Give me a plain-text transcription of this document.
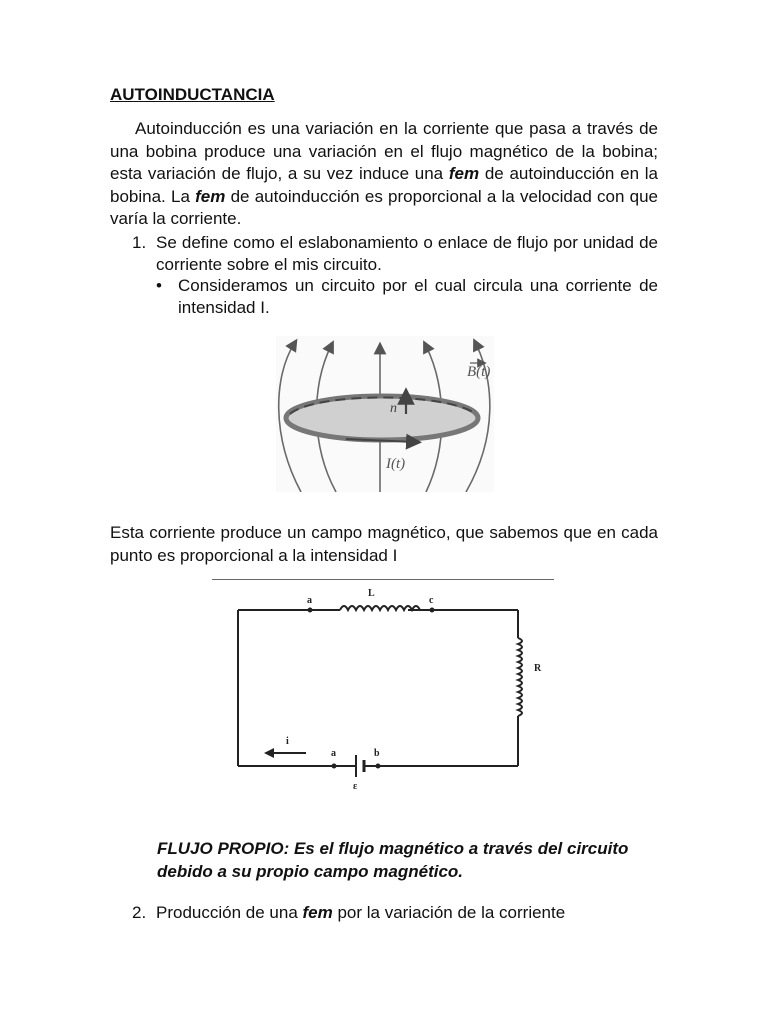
AUTOINDUCTANCIA
Autoinducción es una variación en la corriente que pasa a través de una bobina produce una variación en el flujo magnético de la bobina; esta variación de flujo, a su vez induce una fem de autoinducción en la bobina. La fem de autoinducción es proporcional a la velocidad con que varía la corriente.
1. Se define como el eslabonamiento o enlace de flujo por unidad de corriente sobre el mis circuito.
• Consideramos un circuito por el cual circula una corriente de intensidad I.
n
B(t)
I(t)
Esta corriente produce un campo magnético, que sabemos que en cada punto es proporcional a la intensidad I
a
L
c
R
i
a	b
ε
FLUJO PROPIO: Es el flujo magnético a través del circuito debido a su propio campo magnético.
2. Producción de una fem por la variación de la corriente
